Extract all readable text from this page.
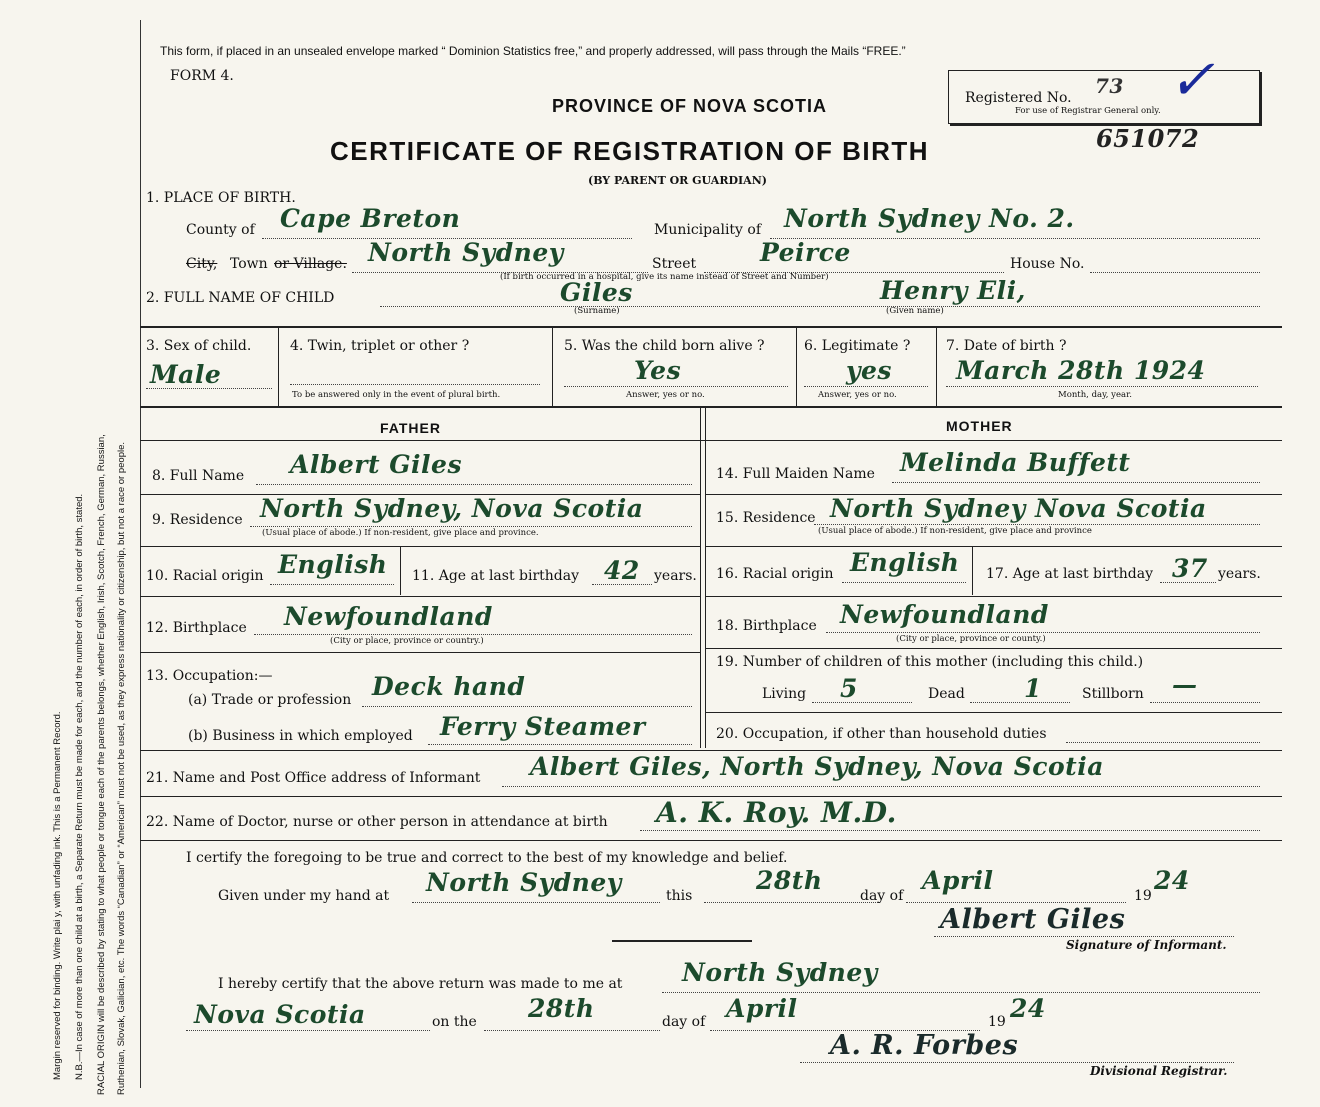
Margin reserved for binding. Write plai y, with unfading ink. This is a Permanent Record. N.B.—In case of more than one child at a birth, a Separate Return must be made for each, and the number of each, in order of birth, stated. RACIAL ORIGIN will be described by stating to what people or tongue each of the parents belongs, whether English, Irish, Scotch, French, German, Russian, Ruthenian, Slovak, Galician, etc. The words “Canadian” or “American” must not be used, as they express nationality or citizenship, but not a race or people.
This form, if placed in an unsealed envelope marked “ Dominion Statistics free,” and properly addressed, will pass through the Mails “FREE.”
FORM 4.
PROVINCE OF NOVA SCOTIA
CERTIFICATE OF REGISTRATION OF BIRTH
(BY PARENT OR GUARDIAN)
Registered No. 73
For use of Registrar General only. ✓
651072
1. PLACE OF BIRTH.
County of Cape Breton	Municipality of North Sydney No. 2.
City, Town or Village. North Sydney	Street	Peirce	House No.
(If birth occurred in a hospital, give its name instead of Street and Number)
2. FULL NAME OF CHILD	Giles
(Surname)
Henry Eli,
(Given name)
3. Sex of child.
Male
4. Twin, triplet or other ?
To be answered only in the event of plural birth.
5. Was the child born alive ?
Yes
Answer, yes or no.
6. Legitimate ?
yes
Answer, yes or no.
7. Date of birth ?
March 28th 1924
Month, day, year.
FATHER	MOTHER
8. Full Name Albert Giles
9. Residence North Sydney, Nova Scotia
(Usual place of abode.) If non-resident, give place and province.
10. Racial origin English 11. Age at last birthday 42 years.
12. Birthplace Newfoundland
(City or place, province or country.)
13. Occupation:—
(a) Trade or profession Deck hand
(b) Business in which employed Ferry Steamer
14. Full Maiden Name Melinda Buffett
15. Residence North Sydney Nova Scotia
(Usual place of abode.) If non-resident, give place and province
16. Racial origin English 17. Age at last birthday 37 years.
18. Birthplace Newfoundland
(City or place, province or county.)
19. Number of children of this mother (including this child.)
Living 5	Dead 1	Stillborn —
20. Occupation, if other than household duties
21. Name and Post Office address of Informant Albert Giles, North Sydney, Nova Scotia
22. Name of Doctor, nurse or other person in attendance at birth A. K. Roy. M.D.
I certify the foregoing to be true and correct to the best of my knowledge and belief.
Given under my hand at North Sydney	this
28th
day of
April
19
24
Albert Giles
Signature of Informant.
I hereby certify that the above return was made to me at North Sydney
Nova Scotia	on the 28th	day of April	19 24
A. R. Forbes
Divisional Registrar.
